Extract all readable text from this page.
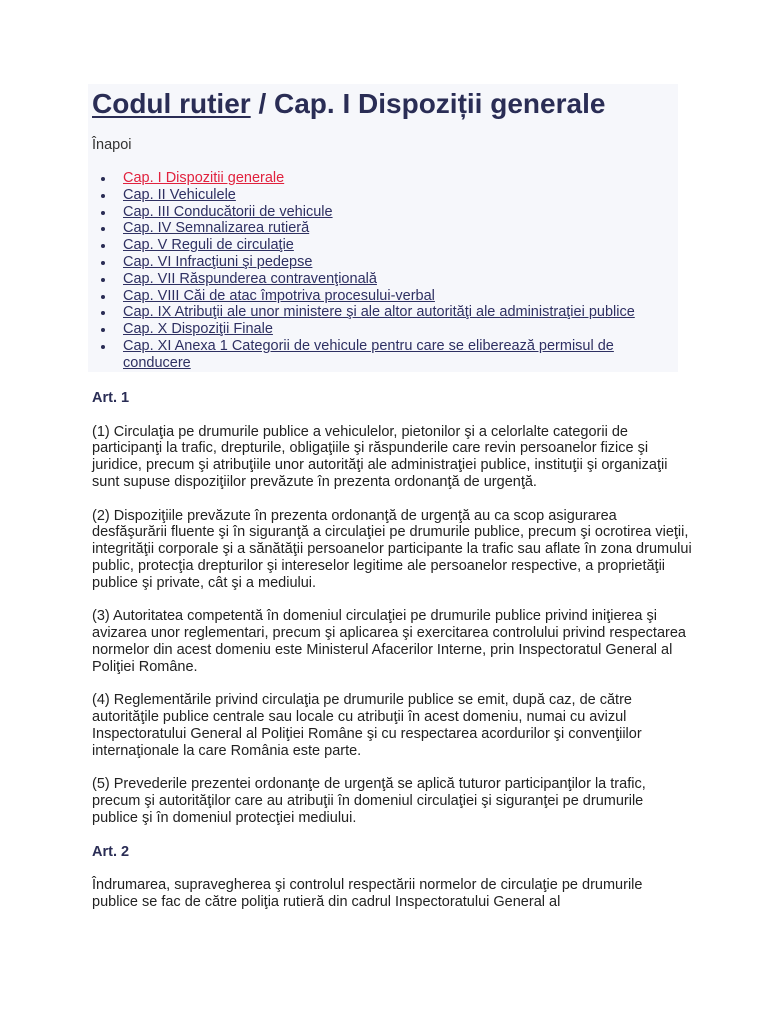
Codul rutier / Cap. I Dispoziții generale
Înapoi
Cap. I Dispozitii generale
Cap. II Vehiculele
Cap. III Conducătorii de vehicule
Cap. IV Semnalizarea rutieră
Cap. V Reguli de circulaţie
Cap. VI Infracţiuni şi pedepse
Cap. VII Răspunderea contravenţională
Cap. VIII Căi de atac împotriva procesului-verbal
Cap. IX Atribuţii ale unor ministere şi ale altor autorităţi ale administraţiei publice
Cap. X Dispoziţii Finale
Cap. XI Anexa 1 Categorii de vehicule pentru care se eliberează permisul de conducere
Art. 1

(1) Circulaţia pe drumurile publice a vehiculelor, pietonilor şi a celorlalte categorii de participanţi la trafic, drepturile, obligaţiile şi răspunderile care revin persoanelor fizice şi juridice, precum şi atribuţiile unor autorităţi ale administraţiei publice, instituţii şi organizaţii sunt supuse dispoziţiilor prevăzute în prezenta ordonanţă de urgenţă.

(2) Dispoziţiile prevăzute în prezenta ordonanţă de urgenţă au ca scop asigurarea desfăşurării fluente şi în siguranţă a circulaţiei pe drumurile publice, precum şi ocrotirea vieţii, integrităţii corporale şi a sănătăţii persoanelor participante la trafic sau aflate în zona drumului public, protecţia drepturilor şi intereselor legitime ale persoanelor respective, a proprietăţii publice şi private, cât şi a mediului.

(3) Autoritatea competentă în domeniul circulaţiei pe drumurile publice privind iniţierea şi avizarea unor reglementari, precum şi aplicarea şi exercitarea controlului privind respectarea normelor din acest domeniu este Ministerul Afacerilor Interne, prin Inspectoratul General al Poliţiei Române.

(4) Reglementările privind circulaţia pe drumurile publice se emit, după caz, de către autorităţile publice centrale sau locale cu atribuţii în acest domeniu, numai cu avizul Inspectoratului General al Poliţiei Române şi cu respectarea acordurilor şi convenţiilor internaţionale la care România este parte.

(5) Prevederile prezentei ordonanţe de urgenţă se aplică tuturor participanţilor la trafic, precum şi autorităţilor care au atribuţii în domeniul circulaţiei şi siguranţei pe drumurile publice şi în domeniul protecţiei mediului.

Art. 2

Îndrumarea, supravegherea şi controlul respectării normelor de circulaţie pe drumurile publice se fac de către poliţia rutieră din cadrul Inspectoratului General al
